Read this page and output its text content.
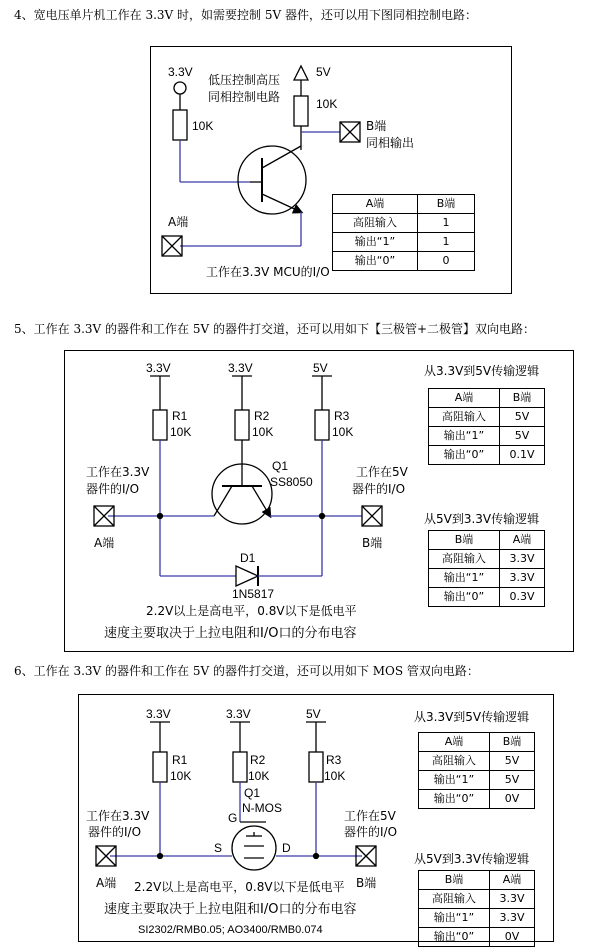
4、宽电压单片机工作在 3.3V 时，如需要控制 5V 器件，还可以用下图同相控制电路：
5、工作在 3.3V 的器件和工作在 5V 的器件打交道，还可以用如下【三极管+二极管】双向电路：
6、工作在 3.3V 的器件和工作在 5V 的器件打交道，还可以用如下 MOS 管双向电路：
3.3V
10K
低压控制高压
同相控制电路
5V
10K
B端
同相输出
A端
工作在3.3V MCU的I/O
3.3V	3.3V	5V
R1
10K
R2
10K
R3
10K
Q1
SS8050
工作在3.3V
器件的I/O
工作在5V
器件的I/O
A端	B端
D1
1N5817
2.2V以上是高电平，0.8V以下是低电平
速度主要取决于上拉电阻和I/O口的分布电容
3.3V	3.3V	5V
R1
10K
R2
10K
R3
10K
Q1
N-MOS
G
S	D
工作在3.3V
器件的I/O
工作在5V
器件的I/O
A端	B端
2.2V以上是高电平，0.8V以下是低电平
速度主要取决于上拉电阻和I/O口的分布电容
SI2302/RMB0.05; AO3400/RMB0.074
A端	B端
高阻输入	1
输出“1”	1
输出“0”	0
从3.3V到5V传输逻辑
A端	B端
高阻输入	5V
输出“1”	5V
输出“0”	0.1V
从5V到3.3V传输逻辑
B端	A端
高阻输入	3.3V
输出“1”	3.3V
输出“0”	0.3V
从3.3V到5V传输逻辑
A端	B端
高阻输入	5V
输出“1”	5V
输出“0”	0V
从5V到3.3V传输逻辑
B端	A端
高阻输入	3.3V
输出“1”	3.3V
输出“0”	0V
